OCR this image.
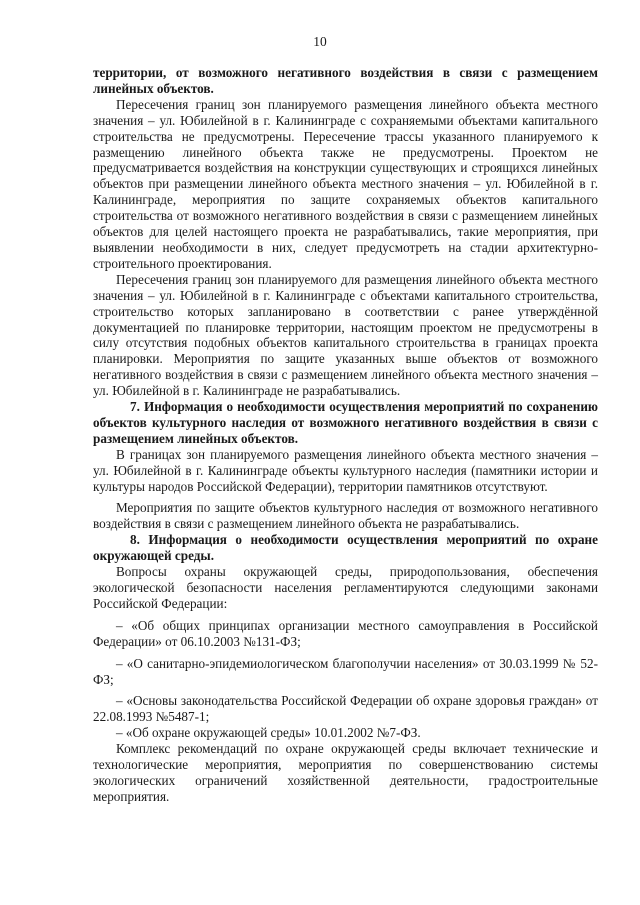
10

территории, от возможного негативного воздействия в связи с размещением линейных объектов.

Пересечения границ зон планируемого размещения линейного объекта местного значения – ул. Юбилейной в г. Калининграде с сохраняемыми объектами капитального строительства не предусмотрены. Пересечение трассы указанного планируемого к размещению линейного объекта также не предусмотрены. Проектом не предусматривается воздействия на конструкции существующих и строящихся линейных объектов при размещении линейного объекта местного значения – ул. Юбилейной в г. Калининграде, мероприятия по защите сохраняемых объектов капитального строительства от возможного негативного воздействия в связи с размещением линейных объектов для целей настоящего проекта не разрабатывались, такие мероприятия, при выявлении необходимости в них, следует предусмотреть на стадии архитектурно-строительного проектирования.

Пересечения границ зон планируемого для размещения линейного объекта местного значения – ул. Юбилейной в г. Калининграде с объектами капитального строительства, строительство которых запланировано в соответствии с ранее утверждённой документацией по планировке территории, настоящим проектом не предусмотрены в силу отсутствия подобных объектов капитального строительства в границах проекта планировки. Мероприятия по защите указанных выше объектов от возможного негативного воздействия в связи с размещением линейного объекта местного значения – ул. Юбилейной в г. Калининграде не разрабатывались.

7. Информация о необходимости осуществления мероприятий по сохранению объектов культурного наследия от возможного негативного воздействия в связи с размещением линейных объектов.

В границах зон планируемого размещения линейного объекта местного значения – ул. Юбилейной в г. Калининграде объекты культурного наследия (памятники истории и культуры народов Российской Федерации), территории памятников отсутствуют.

Мероприятия по защите объектов культурного наследия от возможного негативного воздействия в связи с размещением линейного объекта не разрабатывались.

8. Информация о необходимости осуществления мероприятий по охране окружающей среды.

Вопросы охраны окружающей среды, природопользования, обеспечения экологической безопасности населения регламентируются следующими законами Российской Федерации:

– «Об общих принципах организации местного самоуправления в Российской Федерации» от 06.10.2003 №131-ФЗ;

– «О санитарно-эпидемиологическом благополучии населения» от 30.03.1999 № 52-ФЗ;

– «Основы законодательства Российской Федерации об охране здоровья граждан» от 22.08.1993 №5487-1;

– «Об охране окружающей среды» 10.01.2002 №7-ФЗ.

Комплекс рекомендаций по охране окружающей среды включает технические и технологические мероприятия, мероприятия по совершенствованию системы экологических ограничений хозяйственной деятельности, градостроительные мероприятия.
